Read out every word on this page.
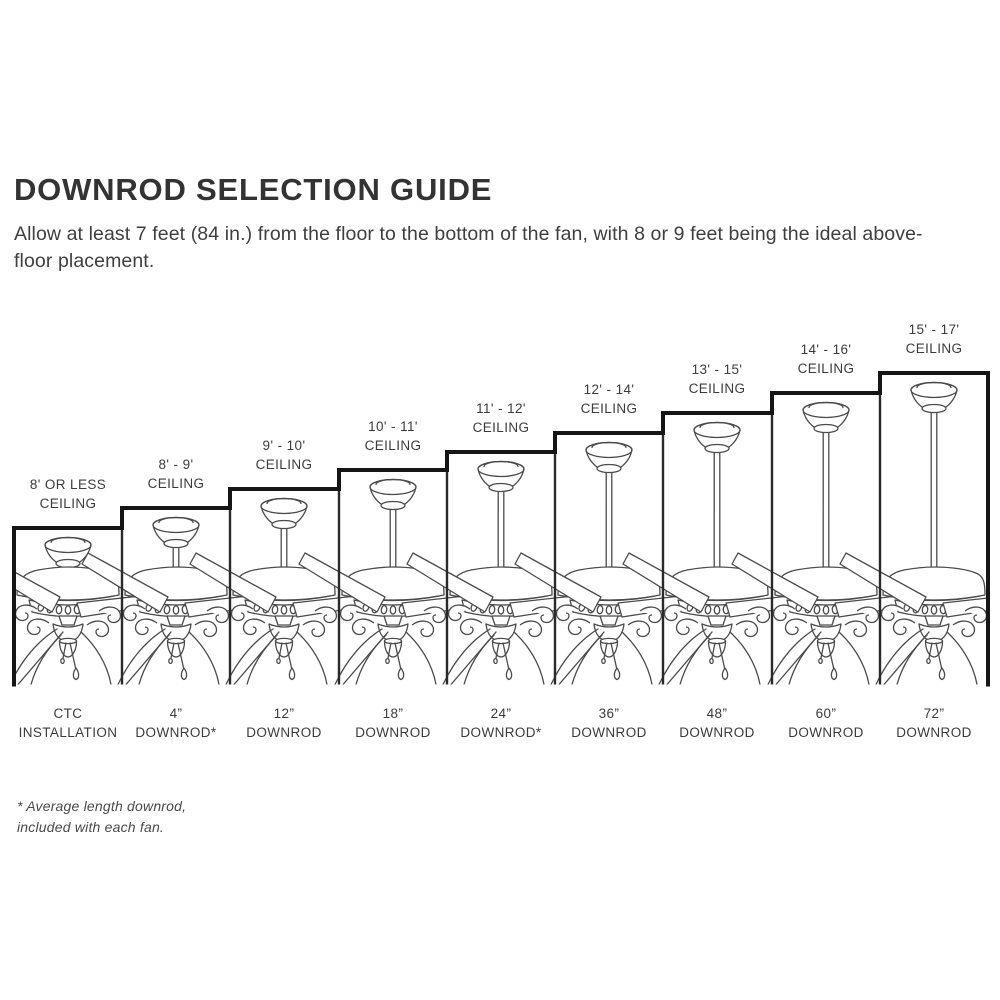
DOWNROD SELECTION GUIDE

Allow at least 7 feet (84 in.) from the floor to the bottom of the fan, with 8 or 9 feet being the ideal above-floor placement.

8' OR LESS
CEILING
8' - 9'
CEILING
9' - 10'
CEILING
10' - 11'
CEILING
11' - 12'
CEILING
12' - 14'
CEILING
13' - 15'
CEILING
14' - 16'
CEILING
15' - 17'
CEILING
CTC
INSTALLATION
4”
DOWNROD*
12”
DOWNROD
18”
DOWNROD
24”
DOWNROD*
36”
DOWNROD
48”
DOWNROD
60”
DOWNROD
72”
DOWNROD
* Average length downrod,
included with each fan.
